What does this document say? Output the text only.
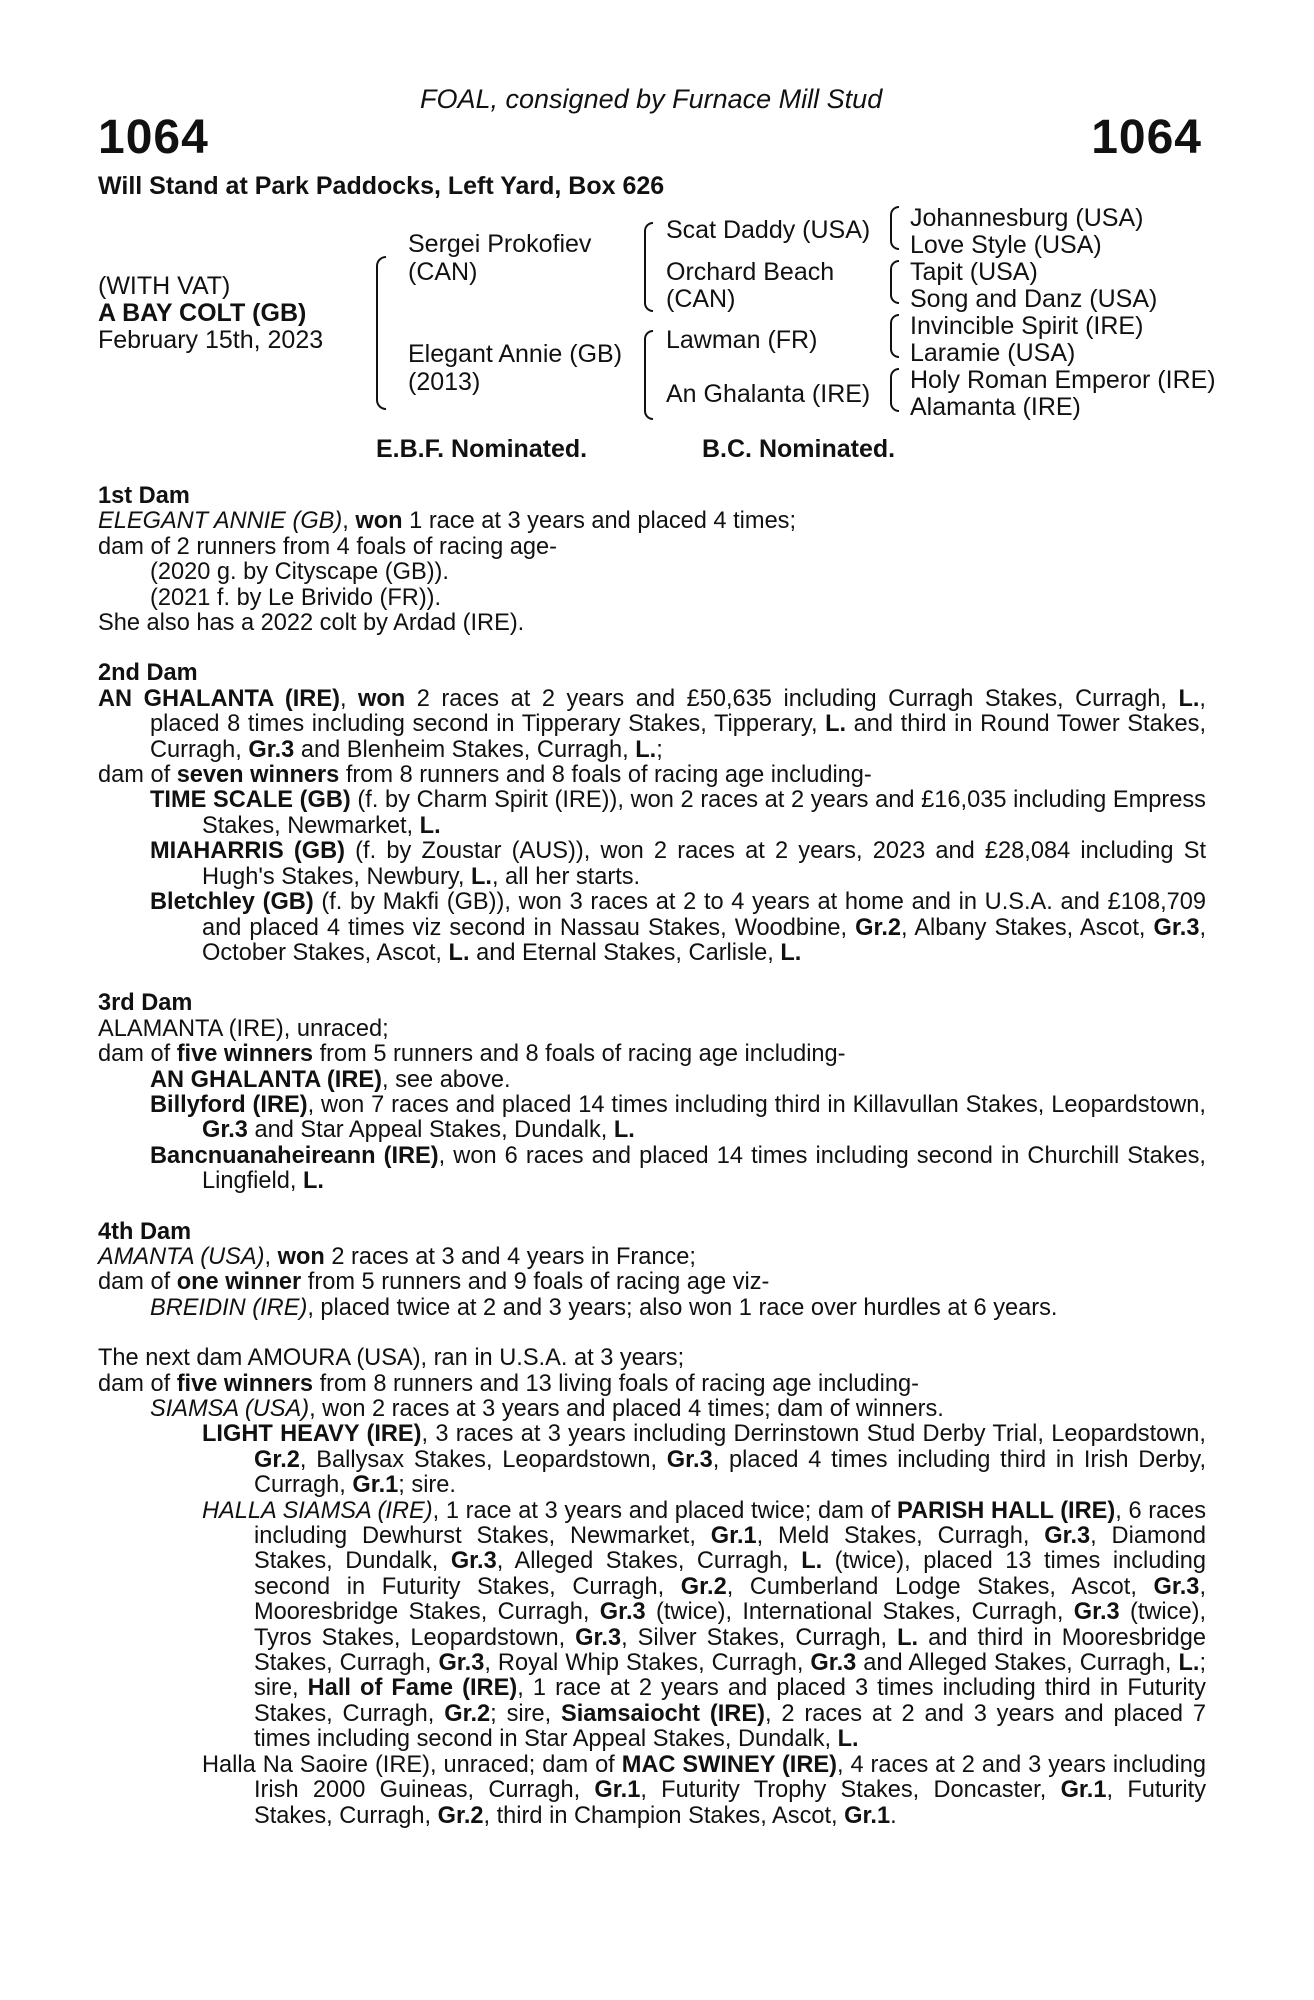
FOAL, consigned by Furnace Mill Stud
1064	1064
Will Stand at Park Paddocks, Left Yard, Box 626
(WITH VAT)
A BAY COLT (GB)
February 15th, 2023
Sergei Prokofiev
(CAN)
Elegant Annie (GB)
(2013)
Scat Daddy (USA)
Orchard Beach
(CAN)
Lawman (FR)
An Ghalanta (IRE)
Johannesburg (USA)
Love Style (USA)
Tapit (USA)
Song and Danz (USA)
Invincible Spirit (IRE)
Laramie (USA)
Holy Roman Emperor (IRE)
Alamanta (IRE)
E.B.F. Nominated.	B.C. Nominated.

1st Dam

ELEGANT ANNIE (GB), won 1 race at 3 years and placed 4 times;

dam of 2 runners from 4 foals of racing age-

(2020 g. by Cityscape (GB)).

(2021 f. by Le Brivido (FR)).

She also has a 2022 colt by Ardad (IRE).

2nd Dam

AN GHALANTA (IRE), won 2 races at 2 years and £50,635 including Curragh Stakes, Curragh, L., placed 8 times including second in Tipperary Stakes, Tipperary, L. and third in Round Tower Stakes, Curragh, Gr.3 and Blenheim Stakes, Curragh, L.;

dam of seven winners from 8 runners and 8 foals of racing age including-

TIME SCALE (GB) (f. by Charm Spirit (IRE)), won 2 races at 2 years and £16,035 including Empress Stakes, Newmarket, L.

MIAHARRIS (GB) (f. by Zoustar (AUS)), won 2 races at 2 years, 2023 and £28,084 including St Hugh's Stakes, Newbury, L., all her starts.

Bletchley (GB) (f. by Makfi (GB)), won 3 races at 2 to 4 years at home and in U.S.A. and £108,709 and placed 4 times viz second in Nassau Stakes, Woodbine, Gr.2, Albany Stakes, Ascot, Gr.3, October Stakes, Ascot, L. and Eternal Stakes, Carlisle, L.

3rd Dam

ALAMANTA (IRE), unraced;

dam of five winners from 5 runners and 8 foals of racing age including-

AN GHALANTA (IRE), see above.

Billyford (IRE), won 7 races and placed 14 times including third in Killavullan Stakes, Leopardstown, Gr.3 and Star Appeal Stakes, Dundalk, L.

Bancnuanaheireann (IRE), won 6 races and placed 14 times including second in Churchill Stakes, Lingfield, L.

4th Dam

AMANTA (USA), won 2 races at 3 and 4 years in France;

dam of one winner from 5 runners and 9 foals of racing age viz-

BREIDIN (IRE), placed twice at 2 and 3 years; also won 1 race over hurdles at 6 years.

The next dam AMOURA (USA), ran in U.S.A. at 3 years;

dam of five winners from 8 runners and 13 living foals of racing age including-

SIAMSA (USA), won 2 races at 3 years and placed 4 times; dam of winners.

LIGHT HEAVY (IRE), 3 races at 3 years including Derrinstown Stud Derby Trial, Leopardstown, Gr.2, Ballysax Stakes, Leopardstown, Gr.3, placed 4 times including third in Irish Derby, Curragh, Gr.1; sire.

HALLA SIAMSA (IRE), 1 race at 3 years and placed twice; dam of PARISH HALL (IRE), 6 races including Dewhurst Stakes, Newmarket, Gr.1, Meld Stakes, Curragh, Gr.3, Diamond Stakes, Dundalk, Gr.3, Alleged Stakes, Curragh, L. (twice), placed 13 times including second in Futurity Stakes, Curragh, Gr.2, Cumberland Lodge Stakes, Ascot, Gr.3, Mooresbridge Stakes, Curragh, Gr.3 (twice), International Stakes, Curragh, Gr.3 (twice), Tyros Stakes, Leopardstown, Gr.3, Silver Stakes, Curragh, L. and third in Mooresbridge Stakes, Curragh, Gr.3, Royal Whip Stakes, Curragh, Gr.3 and Alleged Stakes, Curragh, L.; sire, Hall of Fame (IRE), 1 race at 2 years and placed 3 times including third in Futurity Stakes, Curragh, Gr.2; sire, Siamsaiocht (IRE), 2 races at 2 and 3 years and placed 7 times including second in Star Appeal Stakes, Dundalk, L.

Halla Na Saoire (IRE), unraced; dam of MAC SWINEY (IRE), 4 races at 2 and 3 years including Irish 2000 Guineas, Curragh, Gr.1, Futurity Trophy Stakes, Doncaster, Gr.1, Futurity Stakes, Curragh, Gr.2, third in Champion Stakes, Ascot, Gr.1.
